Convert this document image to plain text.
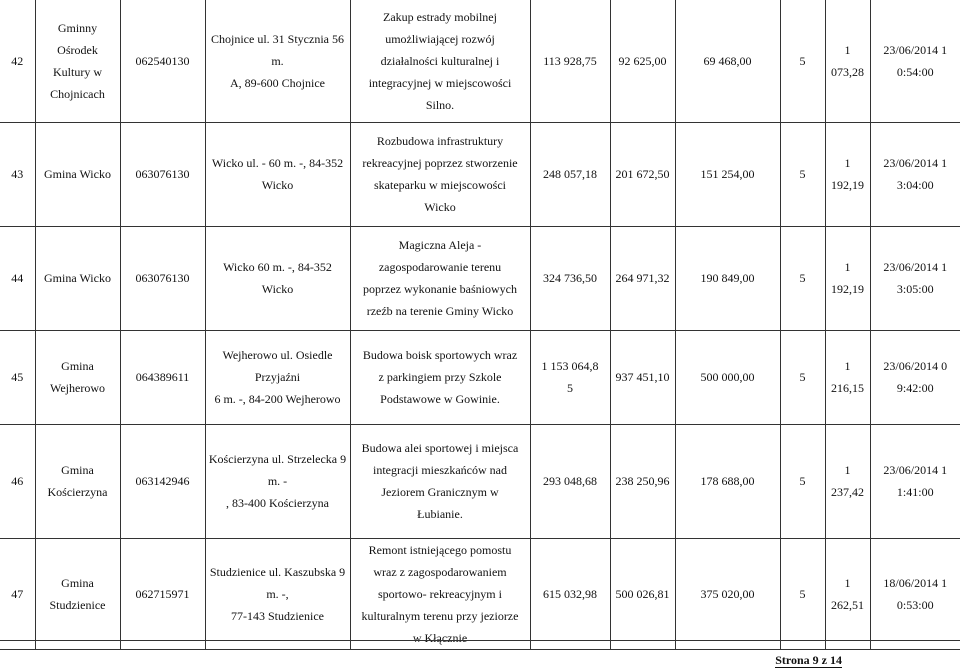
42	Gminny
Ośrodek
Kultury w
Chojnicach	062540130	Chojnice ul. 31 Stycznia 56 m.
A, 89-600 Chojnice	Zakup estrady mobilnej
umożliwiającej rozwój
działalności kulturalnej i
integracyjnej w miejscowości
Silno.	113 928,75	92 625,00	69 468,00	5	1 073,28	23/06/2014 1
0:54:00
43	Gmina Wicko	063076130	Wicko ul. - 60 m. -, 84-352
Wicko	Rozbudowa infrastruktury
rekreacyjnej poprzez stworzenie
skateparku w miejscowości
Wicko	248 057,18	201 672,50	151 254,00	5	1 192,19	23/06/2014 1
3:04:00
44	Gmina Wicko	063076130	Wicko 60 m. -, 84-352 Wicko	Magiczna Aleja -
zagospodarowanie terenu
poprzez wykonanie baśniowych
rzeźb na terenie Gminy Wicko	324 736,50	264 971,32	190 849,00	5	1 192,19	23/06/2014 1
3:05:00
45	Gmina
Wejherowo	064389611	Wejherowo ul. Osiedle Przyjaźni
6 m. -, 84-200 Wejherowo	Budowa boisk sportowych wraz
z parkingiem przy Szkole
Podstawowe w Gowinie.	1 153 064,8
5	937 451,10	500 000,00	5	1 216,15	23/06/2014 0
9:42:00
46	Gmina
Kościerzyna	063142946	Kościerzyna ul. Strzelecka 9 m. -
, 83-400 Kościerzyna	Budowa alei sportowej i miejsca
integracji mieszkańców nad
Jeziorem Granicznym w
Łubianie.	293 048,68	238 250,96	178 688,00	5	1 237,42	23/06/2014 1
1:41:00
47	Gmina
Studzienice	062715971	Studzienice ul. Kaszubska 9 m. -,
77-143 Studzienice	Remont istniejącego pomostu
wraz z zagospodarowaniem
sportowo- rekreacyjnym i
kulturalnym terenu przy jeziorze
w Kłącznie	615 032,98	500 026,81	375 020,00	5	1 262,51	18/06/2014 1
0:53:00
Strona 9 z 14
